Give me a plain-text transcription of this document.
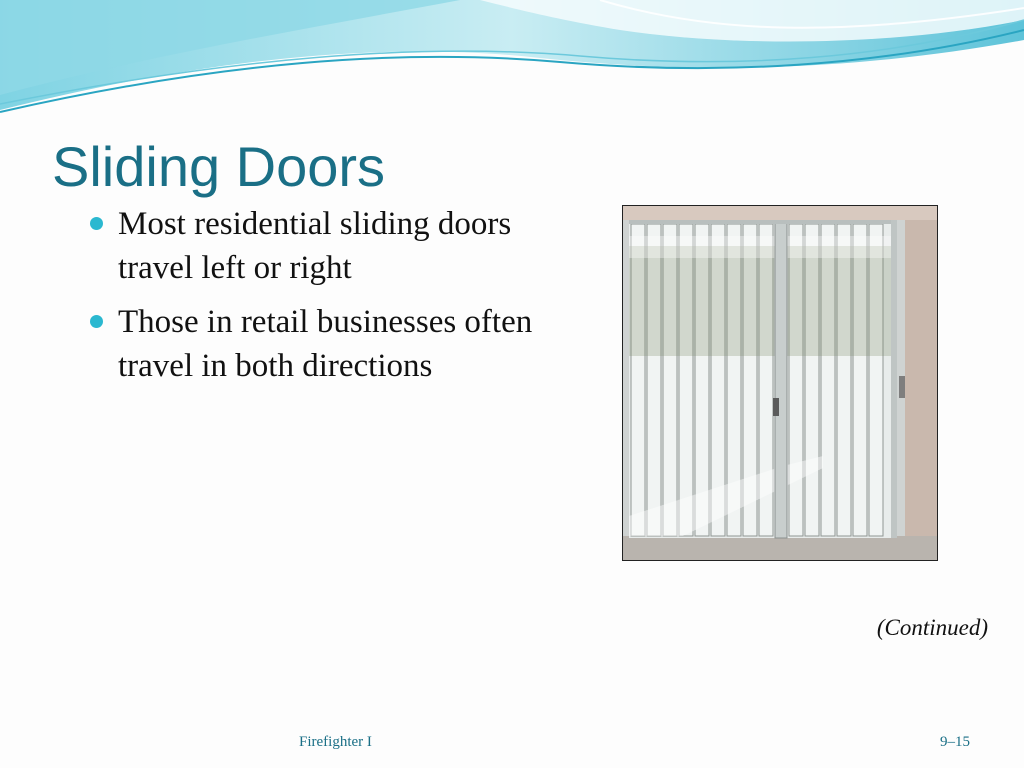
Sliding Doors
Most residential sliding doors travel left or right
Those in retail businesses often travel in both directions
(Continued)
Firefighter I	9–15
